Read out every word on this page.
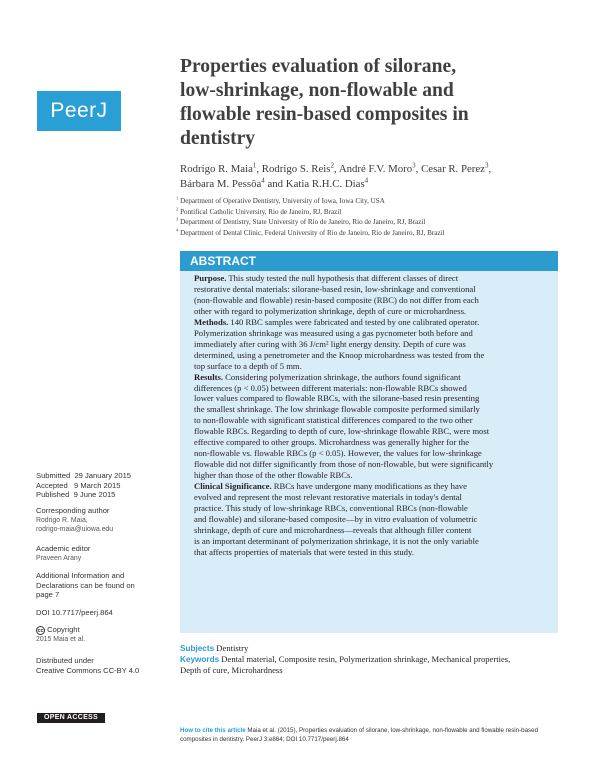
PeerJ
Properties evaluation of silorane,
low-shrinkage, non-flowable and
flowable resin-based composites in
dentistry
Rodrigo R. Maia$^1$, Rodrigo S. Reis$^2$, André F.V. Moro$^3$, Cesar R. Perez$^3$,
Bárbara M. Pessôa$^4$ and Katia R.H.C. Dias$^4$
$^1$ Department of Operative Dentistry, University of Iowa, Iowa City, USA
$^2$ Pontifical Catholic University, Rio de Janeiro, RJ, Brazil
$^3$ Department of Dentistry, State University of Rio de Janeiro, Rio de Janeiro, RJ, Brazil
$^4$ Department of Dental Clinic, Federal University of Rio de Janeiro, Rio de Janeiro, RJ, Brazil
ABSTRACT
Purpose. This study tested the null hypothesis that different classes of direct
restorative dental materials: silorane-based resin, low-shrinkage and conventional
(non-flowable and flowable) resin-based composite (RBC) do not differ from each
other with regard to polymerization shrinkage, depth of cure or microhardness.
Methods. 140 RBC samples were fabricated and tested by one calibrated operator.
Polymerization shrinkage was measured using a gas pycnometer both before and
immediately after curing with 36 J/cm² light energy density. Depth of cure was
determined, using a penetrometer and the Knoop microhardness was tested from the
top surface to a depth of 5 mm.
Results. Considering polymerization shrinkage, the authors found significant
differences (p < 0.05) between different materials: non-flowable RBCs showed
lower values compared to flowable RBCs, with the silorane-based resin presenting
the smallest shrinkage. The low shrinkage flowable composite performed similarly
to non-flowable with significant statistical differences compared to the two other
flowable RBCs. Regarding to depth of cure, low-shrinkage flowable RBC, were most
effective compared to other groups. Microhardness was generally higher for the
non-flowable vs. flowable RBCs (p < 0.05). However, the values for low-shrinkage
flowable did not differ significantly from those of non-flowable, but were significantly
higher than those of the other flowable RBCs.
Clinical Significance. RBCs have undergone many modifications as they have
evolved and represent the most relevant restorative materials in today's dental
practice. This study of low-shrinkage RBCs, conventional RBCs (non-flowable
and flowable) and silorane-based composite—by in vitro evaluation of volumetric
shrinkage, depth of cure and microhardness—reveals that although filler content
is an important determinant of polymerization shrinkage, it is not the only variable
that affects properties of materials that were tested in this study.
Subjects Dentistry
Keywords Dental material, Composite resin, Polymerization shrinkage, Mechanical properties,
Depth of cure, Microhardness
Submitted 29 January 2015
Accepted 9 March 2015
Published 9 June 2015
Corresponding author
Rodrigo R. Maia,
rodrigo-maia@uiowa.edu
Academic editor
Praveen Arany
Additional Information and
Declarations can be found on
page 7
DOI 10.7717/peerj.864
cc Copyright
2015 Maia et al.
Distributed under
Creative Commons CC-BY 4.0
OPEN ACCESS
How to cite this article Maia et al. (2015), Properties evaluation of silorane, low-shrinkage, non-flowable and flowable resin-based
composites in dentistry. PeerJ 3:e864; DOI 10.7717/peerj.864
